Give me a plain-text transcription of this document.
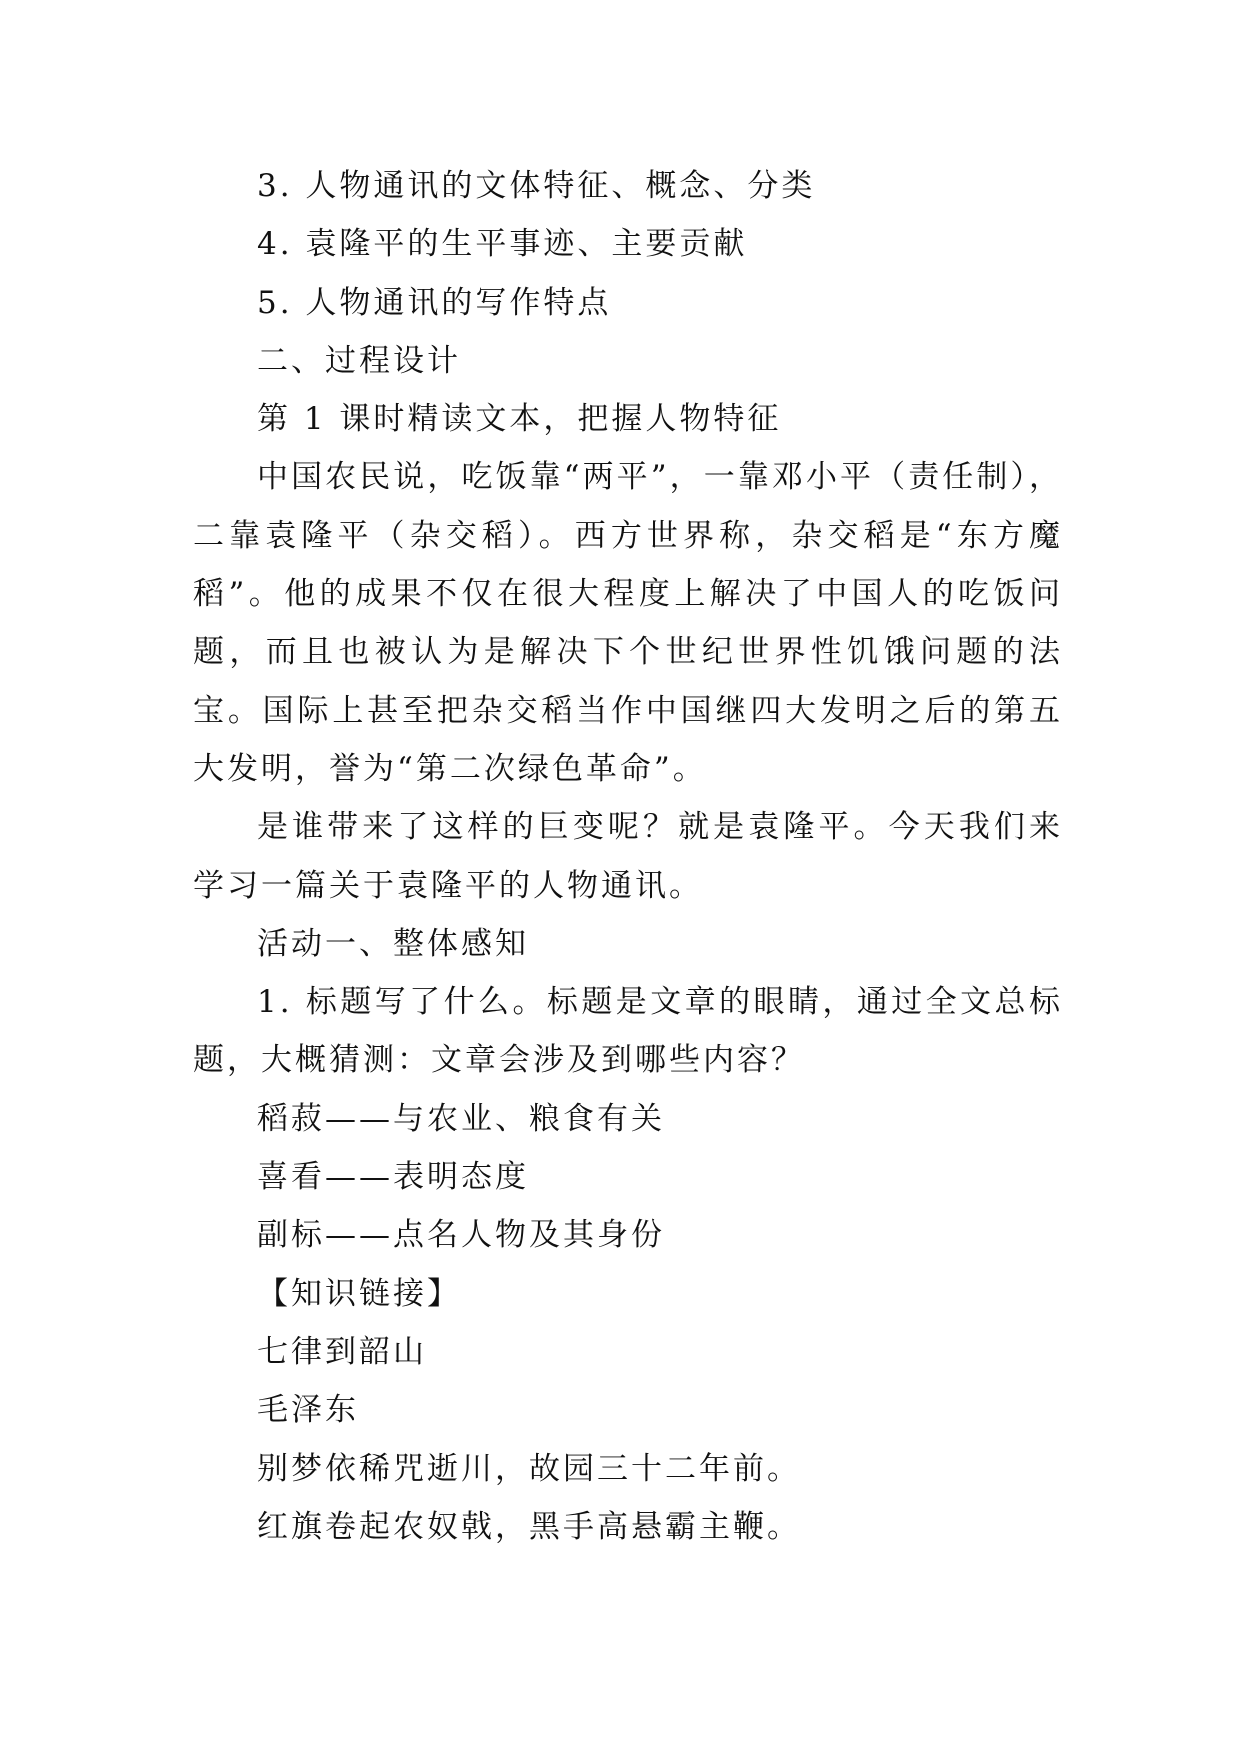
3. 人物通讯的文体特征、概念、分类

4. 袁隆平的生平事迹、主要贡献

5. 人物通讯的写作特点

二、过程设计

第 1 课时精读文本，把握人物特征

中国农民说，吃饭靠“两平”，一靠邓小平（责任制），二靠袁隆平（杂交稻）。西方世界称，杂交稻是“东方魔稻”。他的成果不仅在很大程度上解决了中国人的吃饭问题，而且也被认为是解决下个世纪世界性饥饿问题的法宝。国际上甚至把杂交稻当作中国继四大发明之后的第五大发明，誉为“第二次绿色革命”。

是谁带来了这样的巨变呢？就是袁隆平。今天我们来学习一篇关于袁隆平的人物通讯。

活动一、整体感知

1. 标题写了什么。标题是文章的眼睛，通过全文总标题，大概猜测：文章会涉及到哪些内容？

稻菽——与农业、粮食有关

喜看——表明态度

副标——点名人物及其身份

【知识链接】

七律到韶山

毛泽东

别梦依稀咒逝川，故园三十二年前。

红旗卷起农奴戟，黑手高悬霸主鞭。
